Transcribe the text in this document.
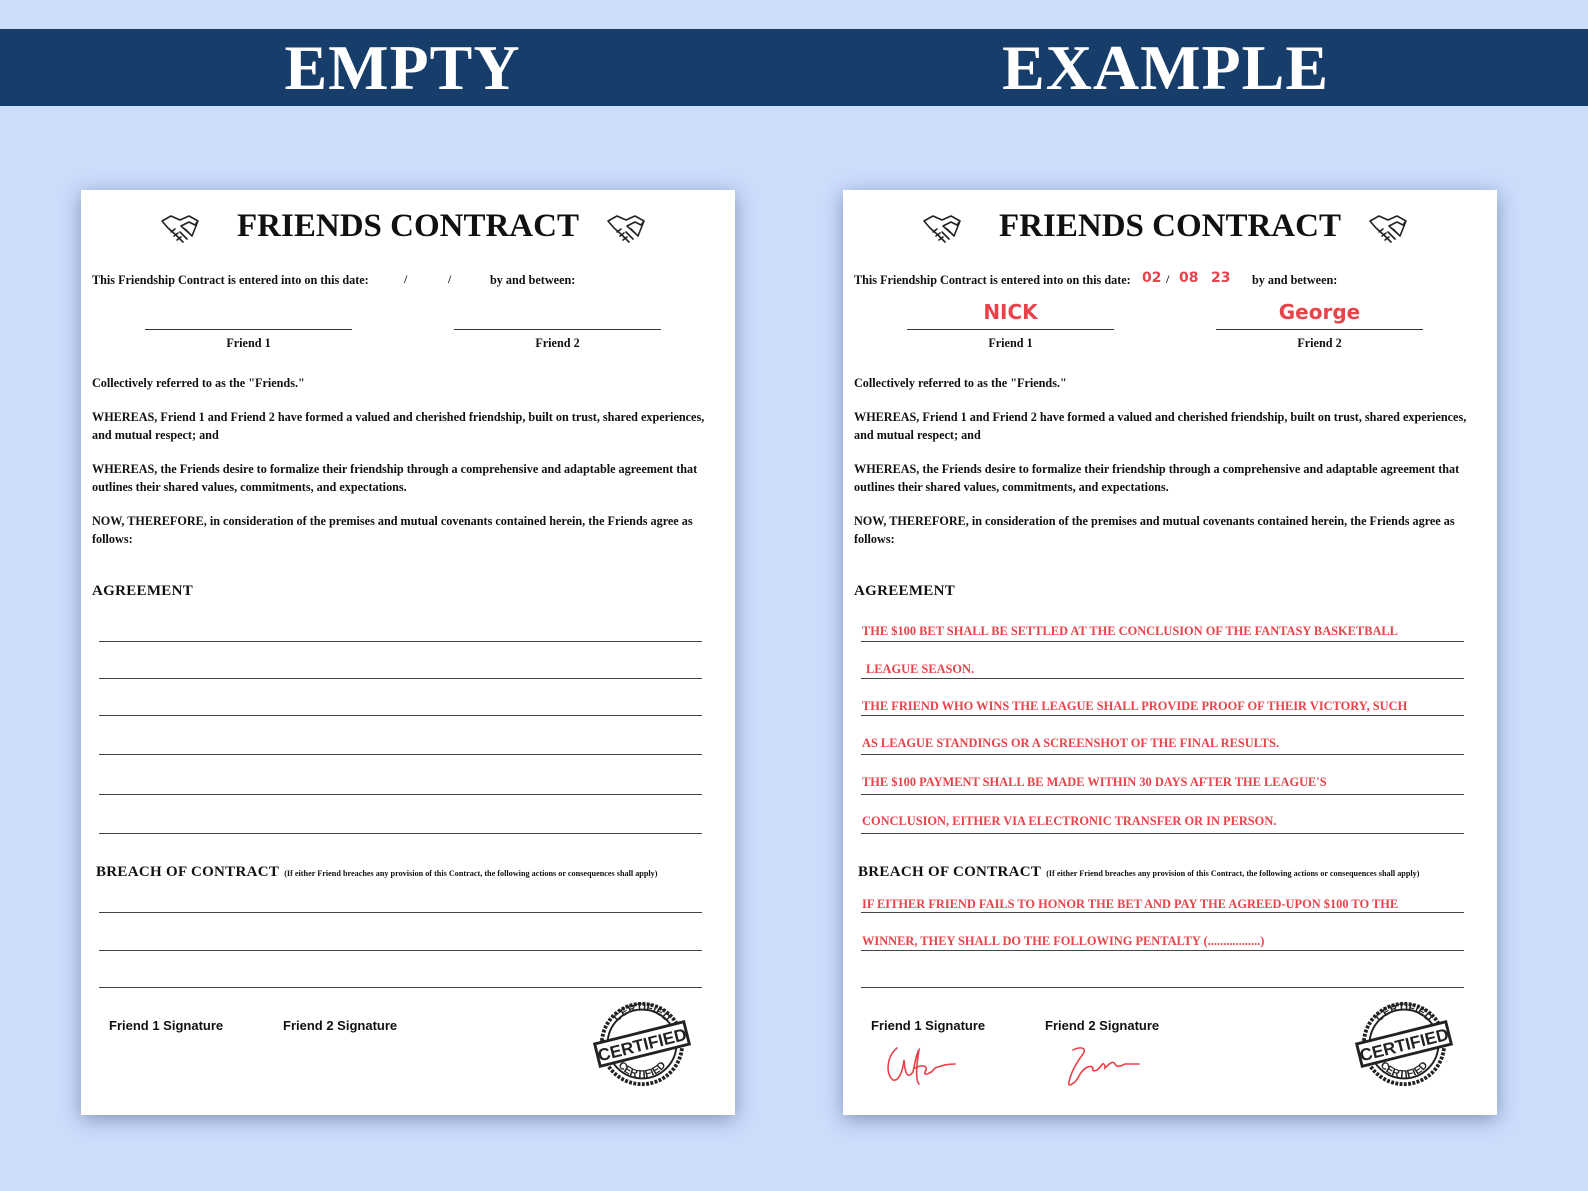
EMPTY	EXAMPLE
FRIENDS CONTRACT
This Friendship Contract is entered into on this date:	/	/	by and between:
Friend 1	Friend 2
Collectively referred to as the "Friends."
WHEREAS, Friend 1 and Friend 2 have formed a valued and cherished friendship, built on trust, shared experiences, and mutual respect; and
WHEREAS, the Friends desire to formalize their friendship through a comprehensive and adaptable agreement that outlines their shared values, commitments, and expectations.
NOW, THEREFORE, in consideration of the premises and mutual covenants contained herein, the Friends agree as follows:
AGREEMENT
BREACH OF CONTRACT (If either Friend breaches any provision of this Contract, the following actions or consequences shall apply)
Friend 1 Signature	Friend 2 Signature
FRIENDS CONTRACT
This Friendship Contract is entered into on this date: 02 / 08 23 by and between:
NICK
Friend 1
George
Friend 2
Collectively referred to as the "Friends."
WHEREAS, Friend 1 and Friend 2 have formed a valued and cherished friendship, built on trust, shared experiences, and mutual respect; and
WHEREAS, the Friends desire to formalize their friendship through a comprehensive and adaptable agreement that outlines their shared values, commitments, and expectations.
NOW, THEREFORE, in consideration of the premises and mutual covenants contained herein, the Friends agree as follows:
AGREEMENT
THE $100 BET SHALL BE SETTLED AT THE CONCLUSION OF THE FANTASY BASKETBALL
LEAGUE SEASON.
THE FRIEND WHO WINS THE LEAGUE SHALL PROVIDE PROOF OF THEIR VICTORY, SUCH
AS LEAGUE STANDINGS OR A SCREENSHOT OF THE FINAL RESULTS.
THE $100 PAYMENT SHALL BE MADE WITHIN 30 DAYS AFTER THE LEAGUE'S
CONCLUSION, EITHER VIA ELECTRONIC TRANSFER OR IN PERSON.
BREACH OF CONTRACT (If either Friend breaches any provision of this Contract, the following actions or consequences shall apply)
IF EITHER FRIEND FAILS TO HONOR THE BET AND PAY THE AGREED-UPON $100 TO THE
WINNER, THEY SHALL DO THE FOLLOWING PENTALTY (.................)
Friend 1 Signature	Friend 2 Signature
